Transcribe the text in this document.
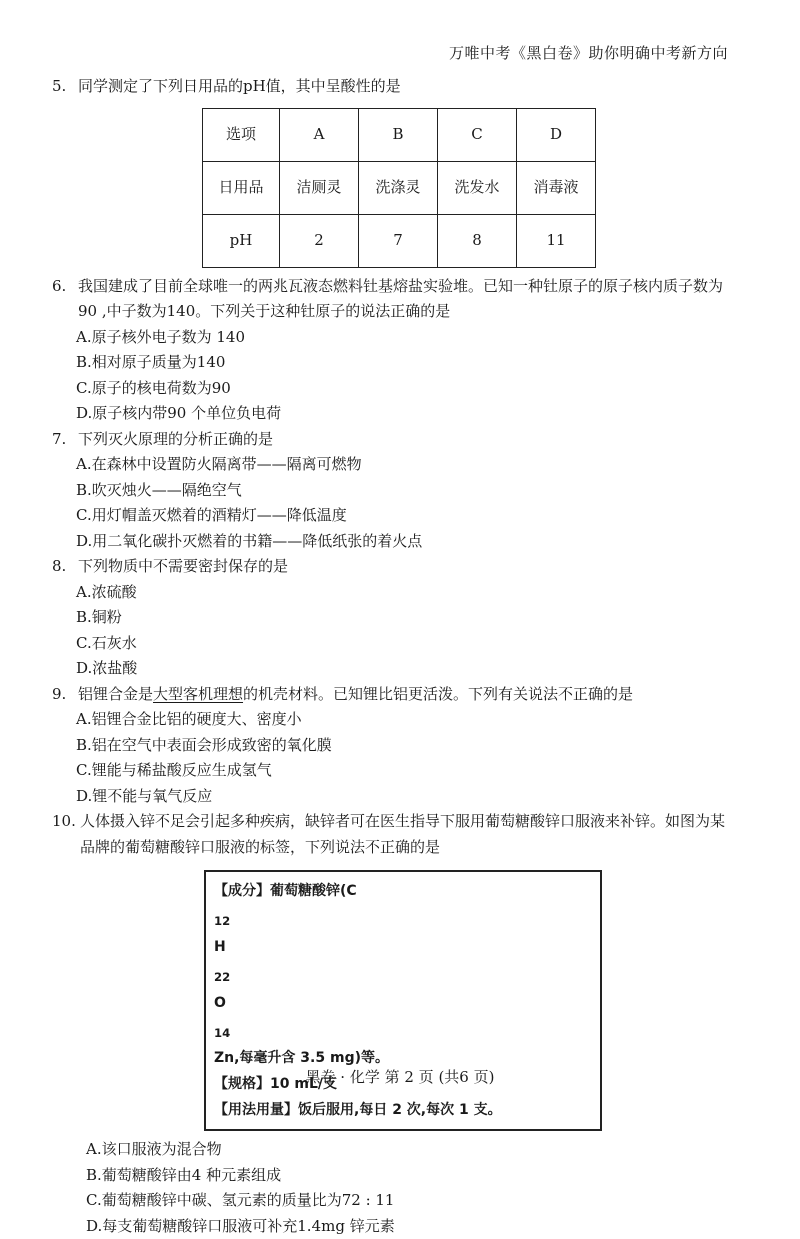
万唯中考《黑白卷》助你明确中考新方向
5. 同学测定了下列日用品的pH值，其中呈酸性的是
选项	A	B	C	D
日用品	洁厕灵	洗涤灵	洗发水	消毒液
pH	2	7	8	11
6. 我国建成了目前全球唯一的两兆瓦液态燃料钍基熔盐实验堆。已知一种钍原子的原子核内质子数为90 ,中子数为140。下列关于这种钍原子的说法正确的是
A.原子核外电子数为 140
B.相对原子质量为140
C.原子的核电荷数为90
D.原子核内带90 个单位负电荷
7. 下列灭火原理的分析正确的是
A.在森林中设置防火隔离带——隔离可燃物
B.吹灭烛火——隔绝空气
C.用灯帽盖灭燃着的酒精灯——降低温度
D.用二氧化碳扑灭燃着的书籍——降低纸张的着火点
8. 下列物质中不需要密封保存的是
A.浓硫酸
B.铜粉
C.石灰水
D.浓盐酸
9. 铝锂合金是大型客机理想的机壳材料。已知锂比铝更活泼。下列有关说法不正确的是
A.铝锂合金比铝的硬度大、密度小
B.铝在空气中表面会形成致密的氧化膜
C.锂能与稀盐酸反应生成氢气
D.锂不能与氧气反应
10. 人体摄入锌不足会引起多种疾病，缺锌者可在医生指导下服用葡萄糖酸锌口服液来补锌。如图为某品牌的葡萄糖酸锌口服液的标签，下列说法不正确的是
【成分】葡萄糖酸锌(C
$_{12}$
H
$_{22}$
O
$_{14}$
Zn,每毫升含 3.5 mg)等。
【规格】10 mL/支
【用法用量】饭后服用,每日 2 次,每次 1 支。
A.该口服液为混合物
B.葡萄糖酸锌由4 种元素组成
C.葡萄糖酸锌中碳、氢元素的质量比为72 : 11
D.每支葡萄糖酸锌口服液可补充1.4mg 锌元素
黑卷 · 化学 第 2 页 (共6 页)
